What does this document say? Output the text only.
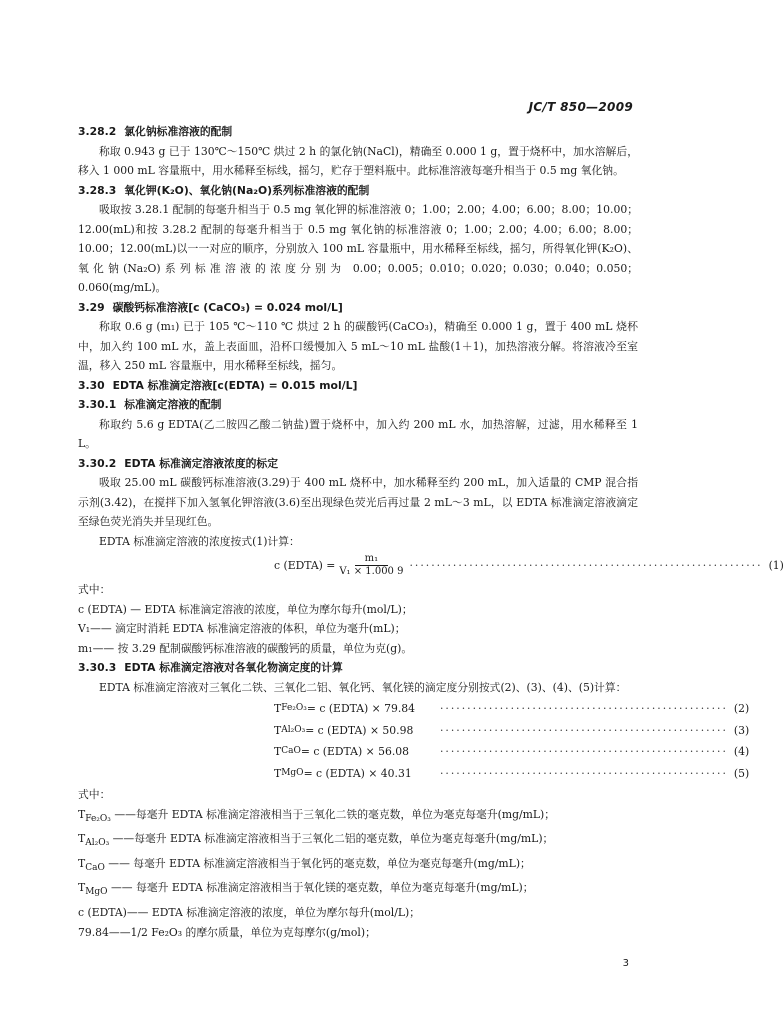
JC/T 850—2009

3.28.2 氯化钠标准溶液的配制

称取 0.943 g 已于 130℃～150℃ 烘过 2 h 的氯化钠(NaCl)，精确至 0.000 1 g，置于烧杯中，加水溶解后，移入 1 000 mL 容量瓶中，用水稀释至标线，摇匀，贮存于塑料瓶中。此标准溶液每毫升相当于 0.5 mg 氧化钠。

3.28.3 氧化钾(K₂O)、氧化钠(Na₂O)系列标准溶液的配制

吸取按 3.28.1 配制的每毫升相当于 0.5 mg 氧化钾的标准溶液 0；1.00；2.00；4.00；6.00；8.00；10.00；12.00(mL)和按 3.28.2 配制的每毫升相当于 0.5 mg 氧化钠的标准溶液 0；1.00；2.00；4.00；6.00；8.00；10.00；12.00(mL)以一一对应的顺序，分别放入 100 mL 容量瓶中，用水稀释至标线，摇匀，所得氧化钾(K₂O)、氧化钠(Na₂O)系列标准溶液的浓度分别为 0.00；0.005；0.010；0.020；0.030；0.040；0.050；0.060(mg/mL)。

3.29 碳酸钙标准溶液[c (CaCO₃) = 0.024 mol/L]

称取 0.6 g (m₁) 已于 105 ℃～110 ℃ 烘过 2 h 的碳酸钙(CaCO₃)，精确至 0.000 1 g，置于 400 mL 烧杯中，加入约 100 mL 水，盖上表面皿，沿杯口缓慢加入 5 mL～10 mL 盐酸(1＋1)，加热溶液分解。将溶液冷至室温，移入 250 mL 容量瓶中，用水稀释至标线，摇匀。

3.30 EDTA 标准滴定溶液[c(EDTA) = 0.015 mol/L]

3.30.1 标准滴定溶液的配制

称取约 5.6 g EDTA(乙二胺四乙酸二钠盐)置于烧杯中，加入约 200 mL 水，加热溶解，过滤，用水稀释至 1 L。

3.30.2 EDTA 标准滴定溶液浓度的标定

吸取 25.00 mL 碳酸钙标准溶液(3.29)于 400 mL 烧杯中，加水稀释至约 200 mL，加入适量的 CMP 混合指示剂(3.42)，在搅拌下加入氢氧化钾溶液(3.6)至出现绿色荧光后再过量 2 mL～3 mL，以 EDTA 标准滴定溶液滴定至绿色荧光消失并呈现红色。

EDTA 标准滴定溶液的浓度按式(1)计算：

c (EDTA) = $\frac{\text{m₁}}{\text{V₁ × 1.000 9}}$ ································································· (1)

式中：

c (EDTA) — EDTA 标准滴定溶液的浓度，单位为摩尔每升(mol/L)；

V₁—— 滴定时消耗 EDTA 标准滴定溶液的体积，单位为毫升(mL)；

m₁—— 按 3.29 配制碳酸钙标准溶液的碳酸钙的质量，单位为克(g)。

3.30.3 EDTA 标准滴定溶液对各氧化物滴定度的计算

EDTA 标准滴定溶液对三氧化二铁、三氧化二铝、氧化钙、氧化镁的滴定度分别按式(2)、(3)、(4)、(5)计算：

T Fe₂O₃ = c (EDTA) × 79.84	····················································· (2)
T Al₂O₃ = c (EDTA) × 50.98	····················································· (3)
T CaO = c (EDTA) × 56.08	····················································· (4)
T MgO = c (EDTA) × 40.31	····················································· (5)

式中：

$T_{Fe_2O_3}$ ——每毫升 EDTA 标准滴定溶液相当于三氧化二铁的毫克数，单位为毫克每毫升(mg/mL)；

$T_{Al_2O_3}$ ——每毫升 EDTA 标准滴定溶液相当于三氧化二铝的毫克数，单位为毫克每毫升(mg/mL)；

$T_{CaO}$ —— 每毫升 EDTA 标准滴定溶液相当于氧化钙的毫克数，单位为毫克每毫升(mg/mL)；

$T_{MgO}$ —— 每毫升 EDTA 标准滴定溶液相当于氧化镁的毫克数，单位为毫克每毫升(mg/mL)；

c (EDTA)—— EDTA 标准滴定溶液的浓度，单位为摩尔每升(mol/L)；

79.84——1/2 Fe₂O₃ 的摩尔质量，单位为克每摩尔(g/mol)；

3
